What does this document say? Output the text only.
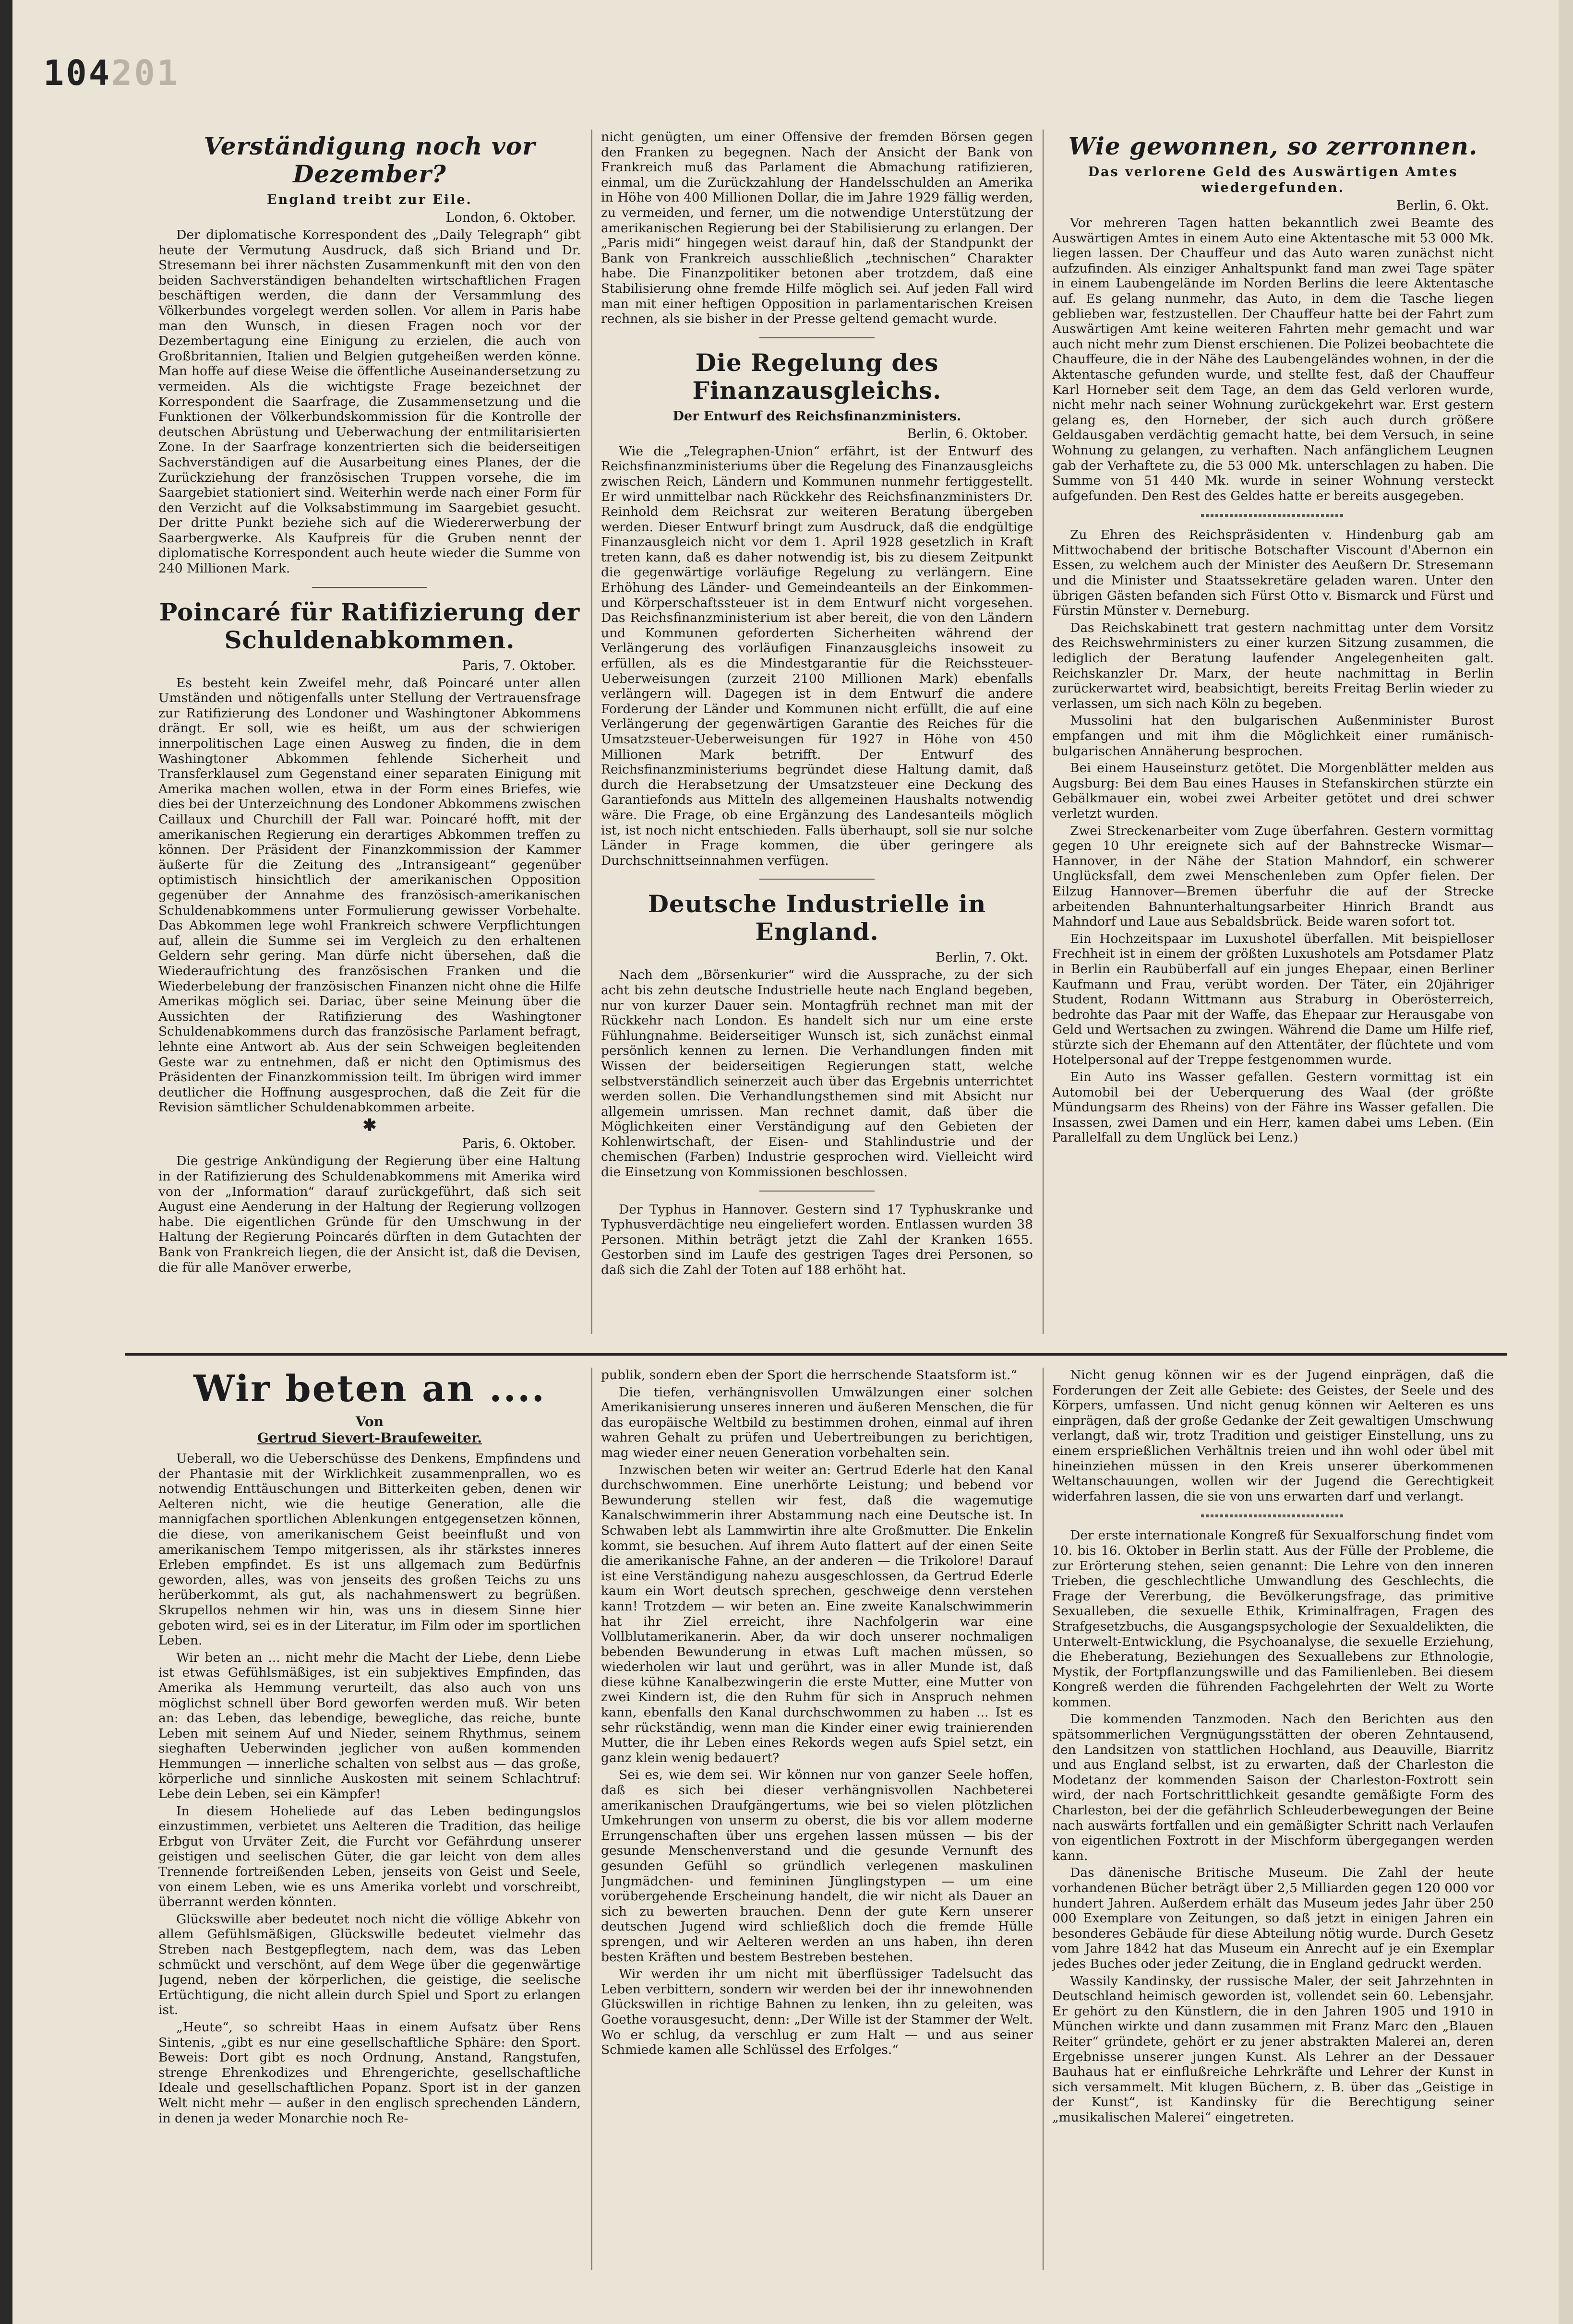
104201
Verständigung noch vor Dezember?
England treibt zur Eile.
London, 6. Oktober.

Der diplomatische Korrespondent des „Daily Telegraph“ gibt heute der Vermutung Ausdruck, daß sich Briand und Dr. Stresemann bei ihrer nächsten Zusammenkunft mit den von den beiden Sachverständigen behandelten wirtschaftlichen Fragen beschäftigen werden, die dann der Versammlung des Völkerbundes vorgelegt werden sollen. Vor allem in Paris habe man den Wunsch, in diesen Fragen noch vor der Dezembertagung eine Einigung zu erzielen, die auch von Großbritannien, Italien und Belgien gutgeheißen werden könne. Man hoffe auf diese Weise die öffentliche Auseinandersetzung zu vermeiden. Als die wichtigste Frage bezeichnet der Korrespondent die Saarfrage, die Zusammensetzung und die Funktionen der Völkerbundskommission für die Kontrolle der deutschen Abrüstung und Ueberwachung der entmilitarisierten Zone. In der Saarfrage konzentrierten sich die beiderseitigen Sachverständigen auf die Ausarbeitung eines Planes, der die Zurückziehung der französischen Truppen vorsehe, die im Saargebiet stationiert sind. Weiterhin werde nach einer Form für den Verzicht auf die Volksabstimmung im Saargebiet gesucht. Der dritte Punkt beziehe sich auf die Wiedererwerbung der Saarbergwerke. Als Kaufpreis für die Gruben nennt der diplomatische Korrespondent auch heute wieder die Summe von 240 Millionen Mark.

Poincaré für Ratifizierung der Schuldenabkommen.
Paris, 7. Oktober.

Es besteht kein Zweifel mehr, daß Poincaré unter allen Umständen und nötigenfalls unter Stellung der Vertrauensfrage zur Ratifizierung des Londoner und Washingtoner Abkommens drängt. Er soll, wie es heißt, um aus der schwierigen innerpolitischen Lage einen Ausweg zu finden, die in dem Washingtoner Abkommen fehlende Sicherheit und Transferklausel zum Gegenstand einer separaten Einigung mit Amerika machen wollen, etwa in der Form eines Briefes, wie dies bei der Unterzeichnung des Londoner Abkommens zwischen Caillaux und Churchill der Fall war. Poincaré hofft, mit der amerikanischen Regierung ein derartiges Abkommen treffen zu können. Der Präsident der Finanzkommission der Kammer äußerte für die Zeitung des „Intransigeant“ gegenüber optimistisch hinsichtlich der amerikanischen Opposition gegenüber der Annahme des französisch-amerikanischen Schuldenabkommens unter Formulierung gewisser Vorbehalte. Das Abkommen lege wohl Frankreich schwere Verpflichtungen auf, allein die Summe sei im Vergleich zu den erhaltenen Geldern sehr gering. Man dürfe nicht übersehen, daß die Wiederaufrichtung des französischen Franken und die Wiederbelebung der französischen Finanzen nicht ohne die Hilfe Amerikas möglich sei. Dariac, über seine Meinung über die Aussichten der Ratifizierung des Washingtoner Schuldenabkommens durch das französische Parlament befragt, lehnte eine Antwort ab. Aus der sein Schweigen begleitenden Geste war zu entnehmen, daß er nicht den Optimismus des Präsidenten der Finanzkommission teilt. Im übrigen wird immer deutlicher die Hoffnung ausgesprochen, daß die Zeit für die Revision sämtlicher Schuldenabkommen arbeite.

✱
Paris, 6. Oktober.

Die gestrige Ankündigung der Regierung über eine Haltung in der Ratifizierung des Schuldenabkommens mit Amerika wird von der „Information“ darauf zurückgeführt, daß sich seit August eine Aenderung in der Haltung der Regierung vollzogen habe. Die eigentlichen Gründe für den Umschwung in der Haltung der Regierung Poincarés dürften in dem Gutachten der Bank von Frankreich liegen, die der Ansicht ist, daß die Devisen, die für alle Manöver erwerbe,

nicht genügten, um einer Offensive der fremden Börsen gegen den Franken zu begegnen. Nach der Ansicht der Bank von Frankreich muß das Parlament die Abmachung ratifizieren, einmal, um die Zurückzahlung der Handelsschulden an Amerika in Höhe von 400 Millionen Dollar, die im Jahre 1929 fällig werden, zu vermeiden, und ferner, um die notwendige Unterstützung der amerikanischen Regierung bei der Stabilisierung zu erlangen. Der „Paris midi“ hingegen weist darauf hin, daß der Standpunkt der Bank von Frankreich ausschließlich „technischen“ Charakter habe. Die Finanzpolitiker betonen aber trotzdem, daß eine Stabilisierung ohne fremde Hilfe möglich sei. Auf jeden Fall wird man mit einer heftigen Opposition in parlamentarischen Kreisen rechnen, als sie bisher in der Presse geltend gemacht wurde.

Die Regelung des Finanzausgleichs.
Der Entwurf des Reichsfinanzministers.
Berlin, 6. Oktober.

Wie die „Telegraphen-Union“ erfährt, ist der Entwurf des Reichsfinanzministeriums über die Regelung des Finanzausgleichs zwischen Reich, Ländern und Kommunen nunmehr fertiggestellt. Er wird unmittelbar nach Rückkehr des Reichsfinanzministers Dr. Reinhold dem Reichsrat zur weiteren Beratung übergeben werden. Dieser Entwurf bringt zum Ausdruck, daß die endgültige Finanzausgleich nicht vor dem 1. April 1928 gesetzlich in Kraft treten kann, daß es daher notwendig ist, bis zu diesem Zeitpunkt die gegenwärtige vorläufige Regelung zu verlängern. Eine Erhöhung des Länder- und Gemeindeanteils an der Einkommen- und Körperschaftssteuer ist in dem Entwurf nicht vorgesehen. Das Reichsfinanzministerium ist aber bereit, die von den Ländern und Kommunen geforderten Sicherheiten während der Verlängerung des vorläufigen Finanzausgleichs insoweit zu erfüllen, als es die Mindestgarantie für die Reichssteuer-Ueberweisungen (zurzeit 2100 Millionen Mark) ebenfalls verlängern will. Dagegen ist in dem Entwurf die andere Forderung der Länder und Kommunen nicht erfüllt, die auf eine Verlängerung der gegenwärtigen Garantie des Reiches für die Umsatzsteuer-Ueberweisungen für 1927 in Höhe von 450 Millionen Mark betrifft. Der Entwurf des Reichsfinanzministeriums begründet diese Haltung damit, daß durch die Herabsetzung der Umsatzsteuer eine Deckung des Garantiefonds aus Mitteln des allgemeinen Haushalts notwendig wäre. Die Frage, ob eine Ergänzung des Landesanteils möglich ist, ist noch nicht entschieden. Falls überhaupt, soll sie nur solche Länder in Frage kommen, die über geringere als Durchschnittseinnahmen verfügen.

Deutsche Industrielle in England.
Berlin, 7. Okt.

Nach dem „Börsenkurier“ wird die Aussprache, zu der sich acht bis zehn deutsche Industrielle heute nach England begeben, nur von kurzer Dauer sein. Montagfrüh rechnet man mit der Rückkehr nach London. Es handelt sich nur um eine erste Fühlungnahme. Beiderseitiger Wunsch ist, sich zunächst einmal persönlich kennen zu lernen. Die Verhandlungen finden mit Wissen der beiderseitigen Regierungen statt, welche selbstverständlich seinerzeit auch über das Ergebnis unterrichtet werden sollen. Die Verhandlungsthemen sind mit Absicht nur allgemein umrissen. Man rechnet damit, daß über die Möglichkeiten einer Verständigung auf den Gebieten der Kohlenwirtschaft, der Eisen- und Stahlindustrie und der chemischen (Farben) Industrie gesprochen wird. Vielleicht wird die Einsetzung von Kommissionen beschlossen.

Der Typhus in Hannover. Gestern sind 17 Typhuskranke und Typhusverdächtige neu eingeliefert worden. Entlassen wurden 38 Personen. Mithin beträgt jetzt die Zahl der Kranken 1655. Gestorben sind im Laufe des gestrigen Tages drei Personen, so daß sich die Zahl der Toten auf 188 erhöht hat.

Wie gewonnen, so zerronnen.
Das verlorene Geld des Auswärtigen Amtes wiedergefunden.
Berlin, 6. Okt.

Vor mehreren Tagen hatten bekanntlich zwei Beamte des Auswärtigen Amtes in einem Auto eine Aktentasche mit 53 000 Mk. liegen lassen. Der Chauffeur und das Auto waren zunächst nicht aufzufinden. Als einziger Anhaltspunkt fand man zwei Tage später in einem Laubengelände im Norden Berlins die leere Aktentasche auf. Es gelang nunmehr, das Auto, in dem die Tasche liegen geblieben war, festzustellen. Der Chauffeur hatte bei der Fahrt zum Auswärtigen Amt keine weiteren Fahrten mehr gemacht und war auch nicht mehr zum Dienst erschienen. Die Polizei beobachtete die Chauffeure, die in der Nähe des Laubengeländes wohnen, in der die Aktentasche gefunden wurde, und stellte fest, daß der Chauffeur Karl Horneber seit dem Tage, an dem das Geld verloren wurde, nicht mehr nach seiner Wohnung zurückgekehrt war. Erst gestern gelang es, den Horneber, der sich auch durch größere Geldausgaben verdächtig gemacht hatte, bei dem Versuch, in seine Wohnung zu gelangen, zu verhaften. Nach anfänglichem Leugnen gab der Verhaftete zu, die 53 000 Mk. unterschlagen zu haben. Die Summe von 51 440 Mk. wurde in seiner Wohnung versteckt aufgefunden. Den Rest des Geldes hatte er bereits ausgegeben.

Zu Ehren des Reichspräsidenten v. Hindenburg gab am Mittwochabend der britische Botschafter Viscount d'Abernon ein Essen, zu welchem auch der Minister des Aeußern Dr. Stresemann und die Minister und Staatssekretäre geladen waren. Unter den übrigen Gästen befanden sich Fürst Otto v. Bismarck und Fürst und Fürstin Münster v. Derneburg.

Das Reichskabinett trat gestern nachmittag unter dem Vorsitz des Reichswehrministers zu einer kurzen Sitzung zusammen, die lediglich der Beratung laufender Angelegenheiten galt. Reichskanzler Dr. Marx, der heute nachmittag in Berlin zurückerwartet wird, beabsichtigt, bereits Freitag Berlin wieder zu verlassen, um sich nach Köln zu begeben.

Mussolini hat den bulgarischen Außenminister Burost empfangen und mit ihm die Möglichkeit einer rumänisch-bulgarischen Annäherung besprochen.

Bei einem Hauseinsturz getötet. Die Morgenblätter melden aus Augsburg: Bei dem Bau eines Hauses in Stefanskirchen stürzte ein Gebälkmauer ein, wobei zwei Arbeiter getötet und drei schwer verletzt wurden.

Zwei Streckenarbeiter vom Zuge überfahren. Gestern vormittag gegen 10 Uhr ereignete sich auf der Bahnstrecke Wismar—Hannover, in der Nähe der Station Mahndorf, ein schwerer Unglücksfall, dem zwei Menschenleben zum Opfer fielen. Der Eilzug Hannover—Bremen überfuhr die auf der Strecke arbeitenden Bahnunterhaltungsarbeiter Hinrich Brandt aus Mahndorf und Laue aus Sebaldsbrück. Beide waren sofort tot.

Ein Hochzeitspaar im Luxushotel überfallen. Mit beispielloser Frechheit ist in einem der größten Luxushotels am Potsdamer Platz in Berlin ein Raubüberfall auf ein junges Ehepaar, einen Berliner Kaufmann und Frau, verübt worden. Der Täter, ein 20jähriger Student, Rodann Wittmann aus Straburg in Oberösterreich, bedrohte das Paar mit der Waffe, das Ehepaar zur Herausgabe von Geld und Wertsachen zu zwingen. Während die Dame um Hilfe rief, stürzte sich der Ehemann auf den Attentäter, der flüchtete und vom Hotelpersonal auf der Treppe festgenommen wurde.

Ein Auto ins Wasser gefallen. Gestern vormittag ist ein Automobil bei der Ueberquerung des Waal (der größte Mündungsarm des Rheins) von der Fähre ins Wasser gefallen. Die Insassen, zwei Damen und ein Herr, kamen dabei ums Leben. (Ein Parallelfall zu dem Unglück bei Lenz.)

Wir beten an ....
Von
Gertrud Sievert-Braufeweiter.

Ueberall, wo die Ueberschüsse des Denkens, Empfindens und der Phantasie mit der Wirklichkeit zusammenprallen, wo es notwendig Enttäuschungen und Bitterkeiten geben, denen wir Aelteren nicht, wie die heutige Generation, alle die mannigfachen sportlichen Ablenkungen entgegensetzen können, die diese, von amerikanischem Geist beeinflußt und von amerikanischem Tempo mitgerissen, als ihr stärkstes inneres Erleben empfindet. Es ist uns allgemach zum Bedürfnis geworden, alles, was von jenseits des großen Teichs zu uns herüberkommt, als gut, als nachahmenswert zu begrüßen. Skrupellos nehmen wir hin, was uns in diesem Sinne hier geboten wird, sei es in der Literatur, im Film oder im sportlichen Leben.

Wir beten an ... nicht mehr die Macht der Liebe, denn Liebe ist etwas Gefühlsmäßiges, ist ein subjektives Empfinden, das Amerika als Hemmung verurteilt, das also auch von uns möglichst schnell über Bord geworfen werden muß. Wir beten an: das Leben, das lebendige, bewegliche, das reiche, bunte Leben mit seinem Auf und Nieder, seinem Rhythmus, seinem sieghaften Ueberwinden jeglicher von außen kommenden Hemmungen — innerliche schalten von selbst aus — das große, körperliche und sinnliche Auskosten mit seinem Schlachtruf: Lebe dein Leben, sei ein Kämpfer!

In diesem Hoheliede auf das Leben bedingungslos einzustimmen, verbietet uns Aelteren die Tradition, das heilige Erbgut von Urväter Zeit, die Furcht vor Gefährdung unserer geistigen und seelischen Güter, die gar leicht von dem alles Trennende fortreißenden Leben, jenseits von Geist und Seele, von einem Leben, wie es uns Amerika vorlebt und vorschreibt, überrannt werden könnten.

Glückswille aber bedeutet noch nicht die völlige Abkehr von allem Gefühlsmäßigen, Glückswille bedeutet vielmehr das Streben nach Bestgepflegtem, nach dem, was das Leben schmückt und verschönt, auf dem Wege über die gegenwärtige Jugend, neben der körperlichen, die geistige, die seelische Ertüchtigung, die nicht allein durch Spiel und Sport zu erlangen ist.

„Heute“, so schreibt Haas in einem Aufsatz über Rens Sintenis, „gibt es nur eine gesellschaftliche Sphäre: den Sport. Beweis: Dort gibt es noch Ordnung, Anstand, Rangstufen, strenge Ehrenkodizes und Ehrengerichte, gesellschaftliche Ideale und gesellschaftlichen Popanz. Sport ist in der ganzen Welt nicht mehr — außer in den englisch sprechenden Ländern, in denen ja weder Monarchie noch Re-

publik, sondern eben der Sport die herrschende Staatsform ist.“

Die tiefen, verhängnisvollen Umwälzungen einer solchen Amerikanisierung unseres inneren und äußeren Menschen, die für das europäische Weltbild zu bestimmen drohen, einmal auf ihren wahren Gehalt zu prüfen und Uebertreibungen zu berichtigen, mag wieder einer neuen Generation vorbehalten sein.

Inzwischen beten wir weiter an: Gertrud Ederle hat den Kanal durchschwommen. Eine unerhörte Leistung; und bebend vor Bewunderung stellen wir fest, daß die wagemutige Kanalschwimmerin ihrer Abstammung nach eine Deutsche ist. In Schwaben lebt als Lammwirtin ihre alte Großmutter. Die Enkelin kommt, sie besuchen. Auf ihrem Auto flattert auf der einen Seite die amerikanische Fahne, an der anderen — die Trikolore! Darauf ist eine Verständigung nahezu ausgeschlossen, da Gertrud Ederle kaum ein Wort deutsch sprechen, geschweige denn verstehen kann! Trotzdem — wir beten an. Eine zweite Kanalschwimmerin hat ihr Ziel erreicht, ihre Nachfolgerin war eine Vollblutamerikanerin. Aber, da wir doch unserer nochmaligen bebenden Bewunderung in etwas Luft machen müssen, so wiederholen wir laut und gerührt, was in aller Munde ist, daß diese kühne Kanalbezwingerin die erste Mutter, eine Mutter von zwei Kindern ist, die den Ruhm für sich in Anspruch nehmen kann, ebenfalls den Kanal durchschwommen zu haben ... Ist es sehr rückständig, wenn man die Kinder einer ewig trainierenden Mutter, die ihr Leben eines Rekords wegen aufs Spiel setzt, ein ganz klein wenig bedauert?

Sei es, wie dem sei. Wir können nur von ganzer Seele hoffen, daß es sich bei dieser verhängnisvollen Nachbeterei amerikanischen Draufgängertums, wie bei so vielen plötzlichen Umkehrungen von unserm zu oberst, die bis vor allem moderne Errungenschaften über uns ergehen lassen müssen — bis der gesunde Menschenverstand und die gesunde Vernunft des gesunden Gefühl so gründlich verlegenen maskulinen Jungmädchen- und femininen Jünglingstypen — um eine vorübergehende Erscheinung handelt, die wir nicht als Dauer an sich zu bewerten brauchen. Denn der gute Kern unserer deutschen Jugend wird schließlich doch die fremde Hülle sprengen, und wir Aelteren werden an uns haben, ihn deren besten Kräften und bestem Bestreben bestehen.

Wir werden ihr um nicht mit überflüssiger Tadelsucht das Leben verbittern, sondern wir werden bei der ihr innewohnenden Glückswillen in richtige Bahnen zu lenken, ihn zu geleiten, was Goethe vorausgesucht, denn: „Der Wille ist der Stammer der Welt. Wo er schlug, da verschlug er zum Halt — und aus seiner Schmiede kamen alle Schlüssel des Erfolges.“

Nicht genug können wir es der Jugend einprägen, daß die Forderungen der Zeit alle Gebiete: des Geistes, der Seele und des Körpers, umfassen. Und nicht genug können wir Aelteren es uns einprägen, daß der große Gedanke der Zeit gewaltigen Umschwung verlangt, daß wir, trotz Tradition und geistiger Einstellung, uns zu einem ersprießlichen Verhältnis treien und ihn wohl oder übel mit hineinziehen müssen in den Kreis unserer überkommenen Weltanschauungen, wollen wir der Jugend die Gerechtigkeit widerfahren lassen, die sie von uns erwarten darf und verlangt.

Der erste internationale Kongreß für Sexualforschung findet vom 10. bis 16. Oktober in Berlin statt. Aus der Fülle der Probleme, die zur Erörterung stehen, seien genannt: Die Lehre von den inneren Trieben, die geschlechtliche Umwandlung des Geschlechts, die Frage der Vererbung, die Bevölkerungsfrage, das primitive Sexualleben, die sexuelle Ethik, Kriminalfragen, Fragen des Strafgesetzbuchs, die Ausgangspsychologie der Sexualdelikten, die Unterwelt-Entwicklung, die Psychoanalyse, die sexuelle Erziehung, die Eheberatung, Beziehungen des Sexuallebens zur Ethnologie, Mystik, der Fortpflanzungswille und das Familienleben. Bei diesem Kongreß werden die führenden Fachgelehrten der Welt zu Worte kommen.

Die kommenden Tanzmoden. Nach den Berichten aus den spätsommerlichen Vergnügungsstätten der oberen Zehntausend, den Landsitzen von stattlichen Hochland, aus Deauville, Biarritz und aus England selbst, ist zu erwarten, daß der Charleston die Modetanz der kommenden Saison der Charleston-Foxtrott sein wird, der nach Fortschrittlichkeit gesandte gemäßigte Form des Charleston, bei der die gefährlich Schleuderbewegungen der Beine nach auswärts fortfallen und ein gemäßigter Schritt nach Verlaufen von eigentlichen Foxtrott in der Mischform übergegangen werden kann.

Das dänenische Britische Museum. Die Zahl der heute vorhandenen Bücher beträgt über 2,5 Milliarden gegen 120 000 vor hundert Jahren. Außerdem erhält das Museum jedes Jahr über 250 000 Exemplare von Zeitungen, so daß jetzt in einigen Jahren ein besonderes Gebäude für diese Abteilung nötig wurde. Durch Gesetz vom Jahre 1842 hat das Museum ein Anrecht auf je ein Exemplar jedes Buches oder jeder Zeitung, die in England gedruckt werden.

Wassily Kandinsky, der russische Maler, der seit Jahrzehnten in Deutschland heimisch geworden ist, vollendet sein 60. Lebensjahr. Er gehört zu den Künstlern, die in den Jahren 1905 und 1910 in München wirkte und dann zusammen mit Franz Marc den „Blauen Reiter“ gründete, gehört er zu jener abstrakten Malerei an, deren Ergebnisse unserer jungen Kunst. Als Lehrer an der Dessauer Bauhaus hat er einflußreiche Lehrkräfte und Lehrer der Kunst in sich versammelt. Mit klugen Büchern, z. B. über das „Geistige in der Kunst“, ist Kandinsky für die Berechtigung seiner „musikalischen Malerei“ eingetreten.
